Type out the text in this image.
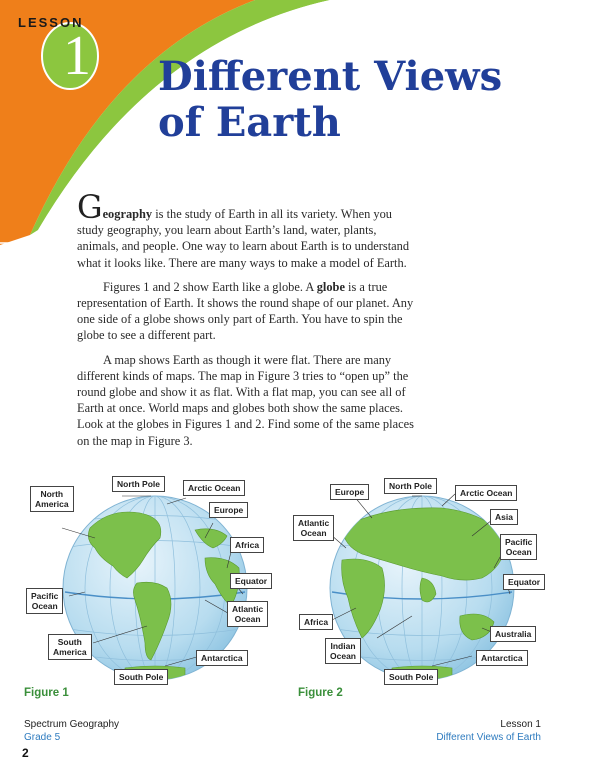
LESSON
1 Different Views
of Earth

Geography is the study of Earth in all its variety. When you study geography, you learn about Earth’s land, water, plants, animals, and people. One way to learn about Earth is to understand what it looks like. There are many ways to make a model of Earth.

Figures 1 and 2 show Earth like a globe. A globe is a true representation of Earth. It shows the round shape of our planet. Any one side of a globe shows only part of Earth. You have to spin the globe to see a different part.

A map shows Earth as though it were flat. There are many different kinds of maps. The map in Figure 3 tries to “open up” the round globe and show it as flat. With a flat map, you can see all of Earth at once. World maps and globes both show the same places. Look at the globes in Figures 1 and 2. Find some of the same places on the map in Figure 3.

North Pole	Arctic Ocean
North
America
Europe
Africa
Equator
Pacific
Ocean	Atlantic
Ocean
South
America
Antarctica
South Pole
Figure 1
Europe
North Pole
Arctic Ocean
Atlantic
Ocean
Asia
Pacific
Ocean
Equator
Africa
Australia
Indian
Ocean	Antarctica
South Pole
Figure 2
Spectrum Geography
Grade 5
Lesson 1
Different Views of Earth
2
